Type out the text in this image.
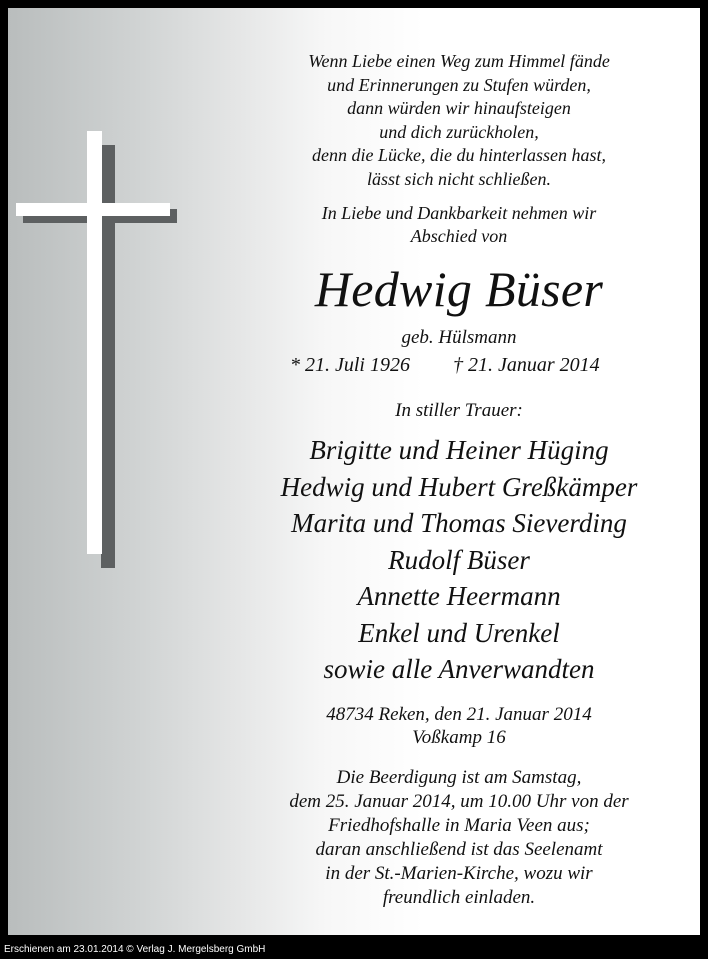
Wenn Liebe einen Weg zum Himmel fände
und Erinnerungen zu Stufen würden,
dann würden wir hinaufsteigen
und dich zurückholen,
denn die Lücke, die du hinterlassen hast,
lässt sich nicht schließen.
In Liebe und Dankbarkeit nehmen wir
Abschied von
Hedwig Büser
geb. Hülsmann
* 21. Juli 1926 † 21. Januar 2014
In stiller Trauer:
Brigitte und Heiner Hüging
Hedwig und Hubert Greßkämper
Marita und Thomas Sieverding
Rudolf Büser
Annette Heermann
Enkel und Urenkel
sowie alle Anverwandten
48734 Reken, den 21. Januar 2014
Voßkamp 16
Die Beerdigung ist am Samstag,
dem 25. Januar 2014, um 10.00 Uhr von der
Friedhofshalle in Maria Veen aus;
daran anschließend ist das Seelenamt
in der St.-Marien-Kirche, wozu wir
freundlich einladen.
Erschienen am 23.01.2014 © Verlag J. Mergelsberg GmbH
